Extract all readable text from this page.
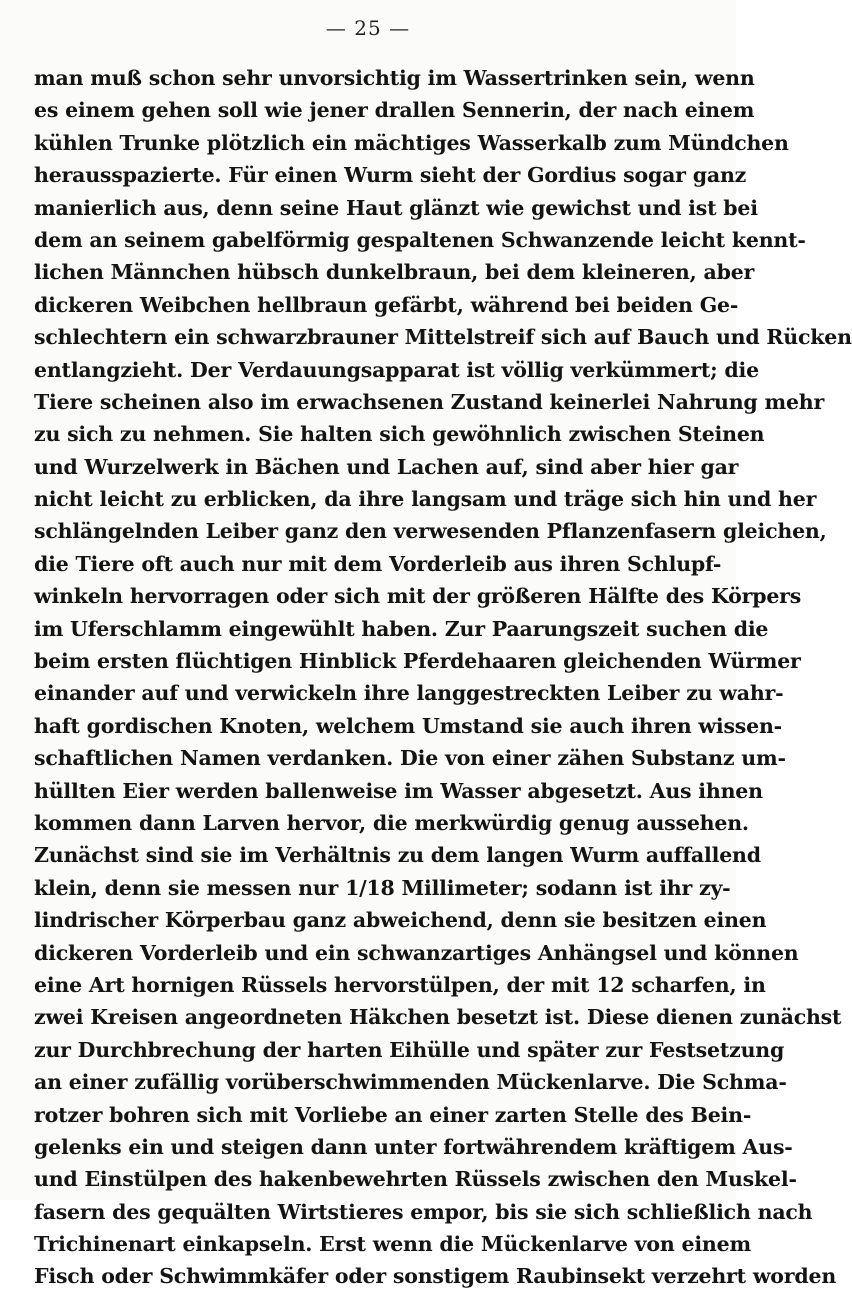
— 25 —
man muß schon sehr unvorsichtig im Wassertrinken sein, wenn
es einem gehen soll wie jener drallen Sennerin, der nach einem
kühlen Trunke plötzlich ein mächtiges Wasserkalb zum Mündchen
herausspazierte. Für einen Wurm sieht der Gordius sogar ganz
manierlich aus, denn seine Haut glänzt wie gewichst und ist bei
dem an seinem gabelförmig gespaltenen Schwanzende leicht kennt-
lichen Männchen hübsch dunkelbraun, bei dem kleineren, aber
dickeren Weibchen hellbraun gefärbt, während bei beiden Ge-
schlechtern ein schwarzbrauner Mittelstreif sich auf Bauch und Rücken
entlangzieht. Der Verdauungsapparat ist völlig verkümmert; die
Tiere scheinen also im erwachsenen Zustand keinerlei Nahrung mehr
zu sich zu nehmen. Sie halten sich gewöhnlich zwischen Steinen
und Wurzelwerk in Bächen und Lachen auf, sind aber hier gar
nicht leicht zu erblicken, da ihre langsam und träge sich hin und her
schlängelnden Leiber ganz den verwesenden Pflanzenfasern gleichen,
die Tiere oft auch nur mit dem Vorderleib aus ihren Schlupf-
winkeln hervorragen oder sich mit der größeren Hälfte des Körpers
im Uferschlamm eingewühlt haben. Zur Paarungszeit suchen die
beim ersten flüchtigen Hinblick Pferdehaaren gleichenden Würmer
einander auf und verwickeln ihre langgestreckten Leiber zu wahr-
haft gordischen Knoten, welchem Umstand sie auch ihren wissen-
schaftlichen Namen verdanken. Die von einer zähen Substanz um-
hüllten Eier werden ballenweise im Wasser abgesetzt. Aus ihnen
kommen dann Larven hervor, die merkwürdig genug aussehen.
Zunächst sind sie im Verhältnis zu dem langen Wurm auffallend
klein, denn sie messen nur 1/18 Millimeter; sodann ist ihr zy-
lindrischer Körperbau ganz abweichend, denn sie besitzen einen
dickeren Vorderleib und ein schwanzartiges Anhängsel und können
eine Art hornigen Rüssels hervorstülpen, der mit 12 scharfen, in
zwei Kreisen angeordneten Häkchen besetzt ist. Diese dienen zunächst
zur Durchbrechung der harten Eihülle und später zur Festsetzung
an einer zufällig vorüberschwimmenden Mückenlarve. Die Schma-
rotzer bohren sich mit Vorliebe an einer zarten Stelle des Bein-
gelenks ein und steigen dann unter fortwährendem kräftigem Aus-
und Einstülpen des hakenbewehrten Rüssels zwischen den Muskel-
fasern des gequälten Wirtstieres empor, bis sie sich schließlich nach
Trichinenart einkapseln. Erst wenn die Mückenlarve von einem
Fisch oder Schwimmkäfer oder sonstigem Raubinsekt verzehrt worden
